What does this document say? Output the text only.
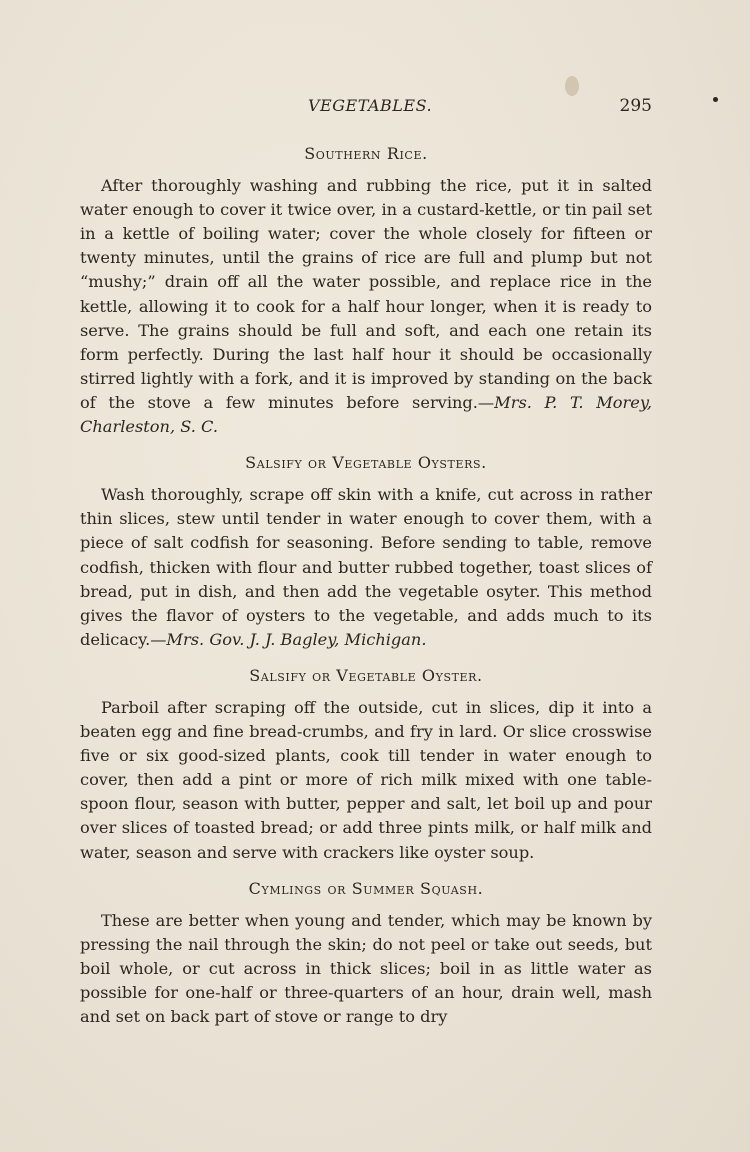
VEGETABLES.	295
Southern Rice.

After thoroughly washing and rubbing the rice, put it in salted water enough to cover it twice over, in a custard-kettle, or tin pail set in a kettle of boiling water; cover the whole closely for fifteen or twenty minutes, until the grains of rice are full and plump but not “mushy;” drain off all the water possible, and replace rice in the kettle, allowing it to cook for a half hour longer, when it is ready to serve. The grains should be full and soft, and each one retain its form perfectly. During the last half hour it should be occasionally stirred lightly with a fork, and it is improved by standing on the back of the stove a few minutes before serving.—Mrs. P. T. Morey, Charleston, S. C.

Salsify or Vegetable Oysters.

Wash thoroughly, scrape off skin with a knife, cut across in rather thin slices, stew until tender in water enough to cover them, with a piece of salt codfish for seasoning. Before sending to table, remove codfish, thicken with flour and butter rubbed together, toast slices of bread, put in dish, and then add the vegetable osyter. This method gives the flavor of oysters to the vegetable, and adds much to its delicacy.—Mrs. Gov. J. J. Bagley, Michigan.

Salsify or Vegetable Oyster.

Parboil after scraping off the outside, cut in slices, dip it into a beaten egg and fine bread-crumbs, and fry in lard. Or slice crosswise five or six good-sized plants, cook till tender in water enough to cover, then add a pint or more of rich milk mixed with one table-spoon flour, season with butter, pepper and salt, let boil up and pour over slices of toasted bread; or add three pints milk, or half milk and water, season and serve with crackers like oyster soup.

Cymlings or Summer Squash.

These are better when young and tender, which may be known by pressing the nail through the skin; do not peel or take out seeds, but boil whole, or cut across in thick slices; boil in as little water as possible for one-half or three-quarters of an hour, drain well, mash and set on back part of stove or range to dry
